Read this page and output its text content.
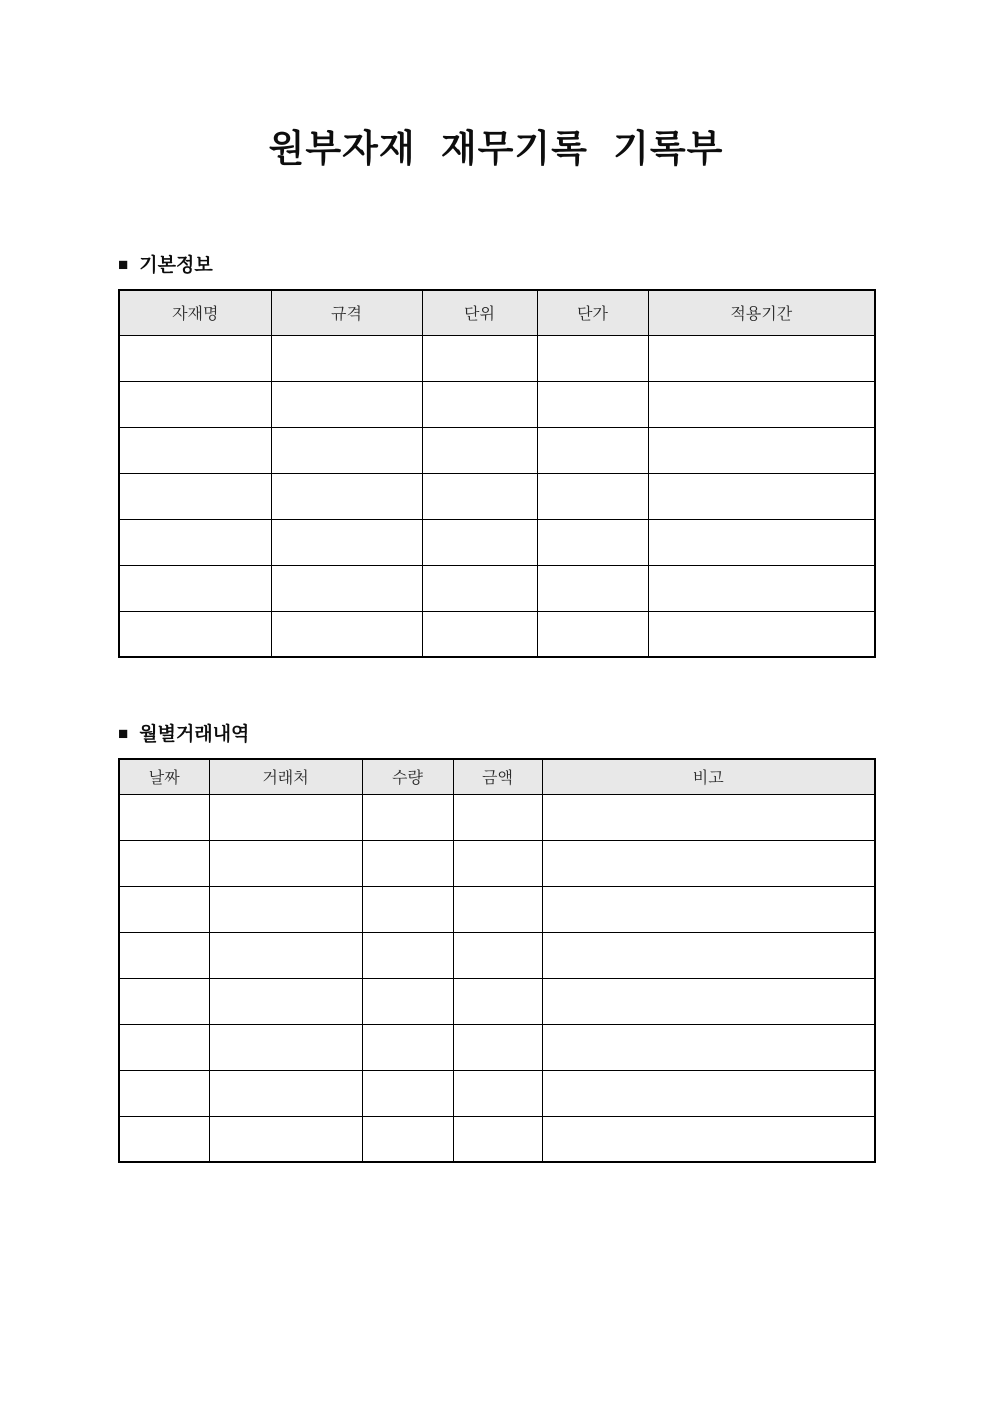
원부자재 재무기록 기록부
■ 기본정보
자재명	규격	단위	단가	적용기간

■ 월별거래내역
날짜	거래처	수량	금액	비고
